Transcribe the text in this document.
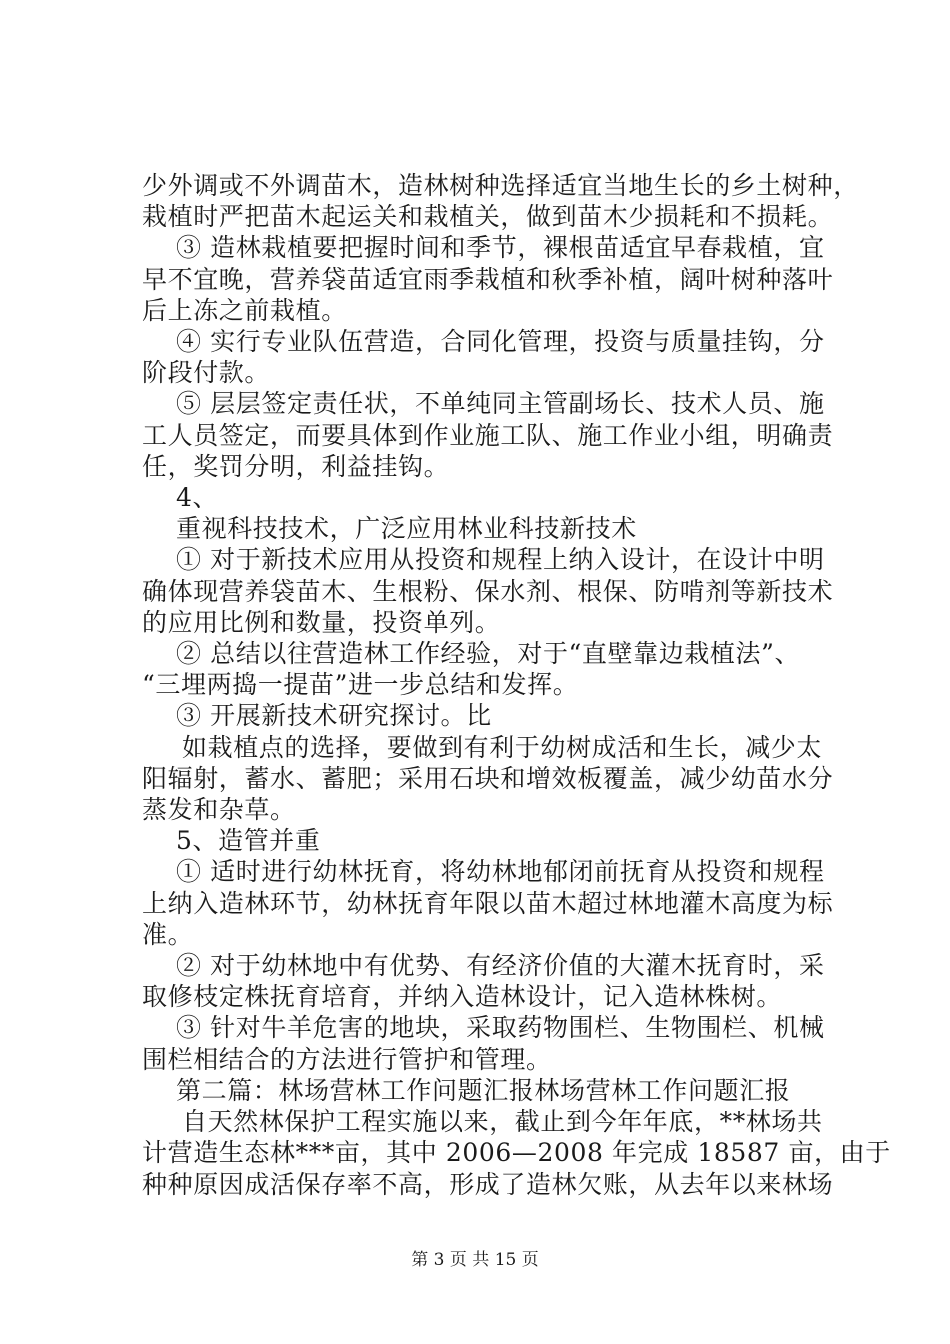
少外调或不外调苗木，造林树种选择适宜当地生长的乡土树种，

栽植时严把苗木起运关和栽植关，做到苗木少损耗和不损耗。

③ 造林栽植要把握时间和季节，裸根苗适宜早春栽植，宜

早不宜晚，营养袋苗适宜雨季栽植和秋季补植，阔叶树种落叶

后上冻之前栽植。

④ 实行专业队伍营造，合同化管理，投资与质量挂钩，分

阶段付款。

⑤ 层层签定责任状，不单纯同主管副场长、技术人员、施

工人员签定，而要具体到作业施工队、施工作业小组，明确责

任，奖罚分明，利益挂钩。

4、

重视科技技术，广泛应用林业科技新技术

① 对于新技术应用从投资和规程上纳入设计，在设计中明

确体现营养袋苗木、生根粉、保水剂、根保、防啃剂等新技术

的应用比例和数量，投资单列。

② 总结以往营造林工作经验，对于“直壁靠边栽植法”、

“三埋两捣一提苗”进一步总结和发挥。

③ 开展新技术研究探讨。比

如栽植点的选择，要做到有利于幼树成活和生长，减少太

阳辐射，蓄水、蓄肥；采用石块和增效板覆盖，减少幼苗水分

蒸发和杂草。

5、造管并重

① 适时进行幼林抚育，将幼林地郁闭前抚育从投资和规程

上纳入造林环节，幼林抚育年限以苗木超过林地灌木高度为标

准。

② 对于幼林地中有优势、有经济价值的大灌木抚育时，采

取修枝定株抚育培育，并纳入造林设计，记入造林株树。

③ 针对牛羊危害的地块，采取药物围栏、生物围栏、机械

围栏相结合的方法进行管护和管理。

第二篇：林场营林工作问题汇报林场营林工作问题汇报

自天然林保护工程实施以来，截止到今年年底，**林场共

计营造生态林***亩，其中 2006—2008 年完成 18587 亩，由于

种种原因成活保存率不高，形成了造林欠账，从去年以来林场

第 3 页 共 15 页
